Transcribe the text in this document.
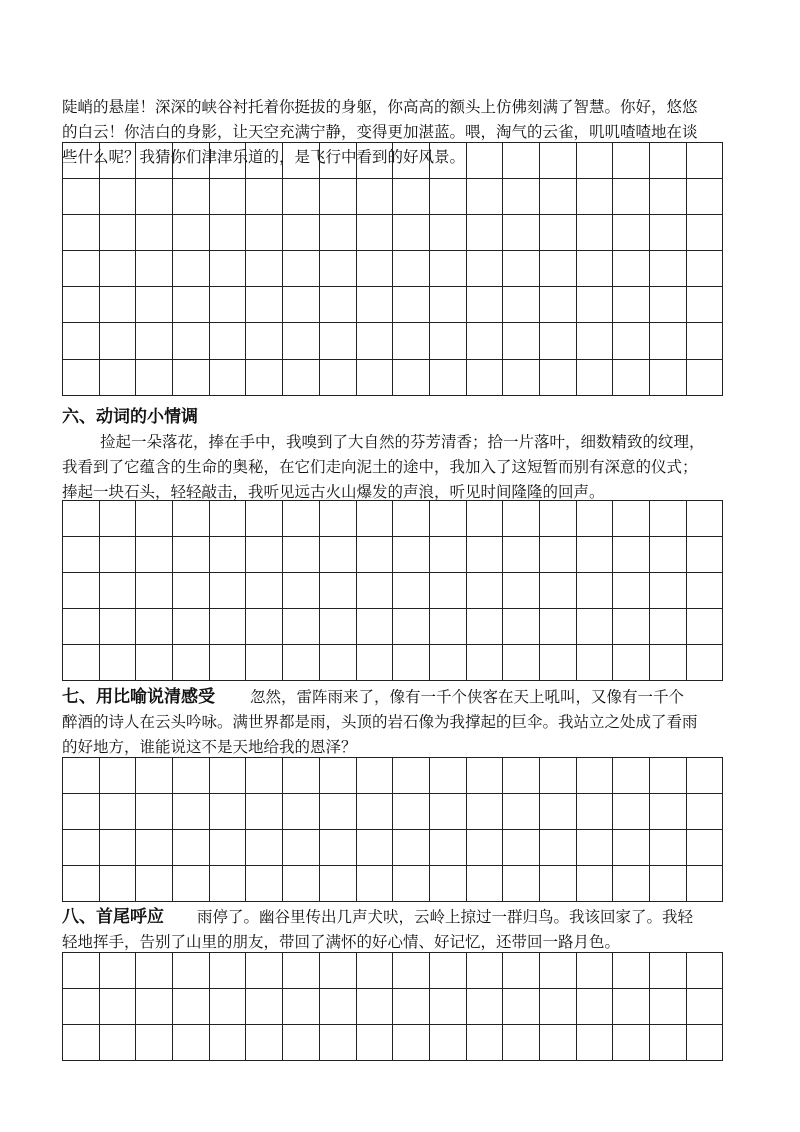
陡峭的悬崖！深深的峡谷衬托着你挺拔的身躯，你高高的额头上仿佛刻满了智慧。你好，悠悠
的白云！你洁白的身影，让天空充满宁静，变得更加湛蓝。喂，淘气的云雀，叽叽喳喳地在谈
些什么呢？我猜你们津津乐道的，是飞行中看到的好风景。
六、动词的小情调
捡起一朵落花，捧在手中，我嗅到了大自然的芬芳清香；拾一片落叶，细数精致的纹理，
我看到了它蕴含的生命的奥秘，在它们走向泥土的途中，我加入了这短暂而别有深意的仪式；
捧起一块石头，轻轻敲击，我听见远古火山爆发的声浪，听见时间隆隆的回声。
七、用比喻说清感受 忽然，雷阵雨来了，像有一千个侠客在天上吼叫，又像有一千个
醉酒的诗人在云头吟咏。满世界都是雨，头顶的岩石像为我撑起的巨伞。我站立之处成了看雨
的好地方，谁能说这不是天地给我的恩泽？
八、首尾呼应 雨停了。幽谷里传出几声犬吠，云岭上掠过一群归鸟。我该回家了。我轻
轻地挥手，告别了山里的朋友，带回了满怀的好心情、好记忆，还带回一路月色。
